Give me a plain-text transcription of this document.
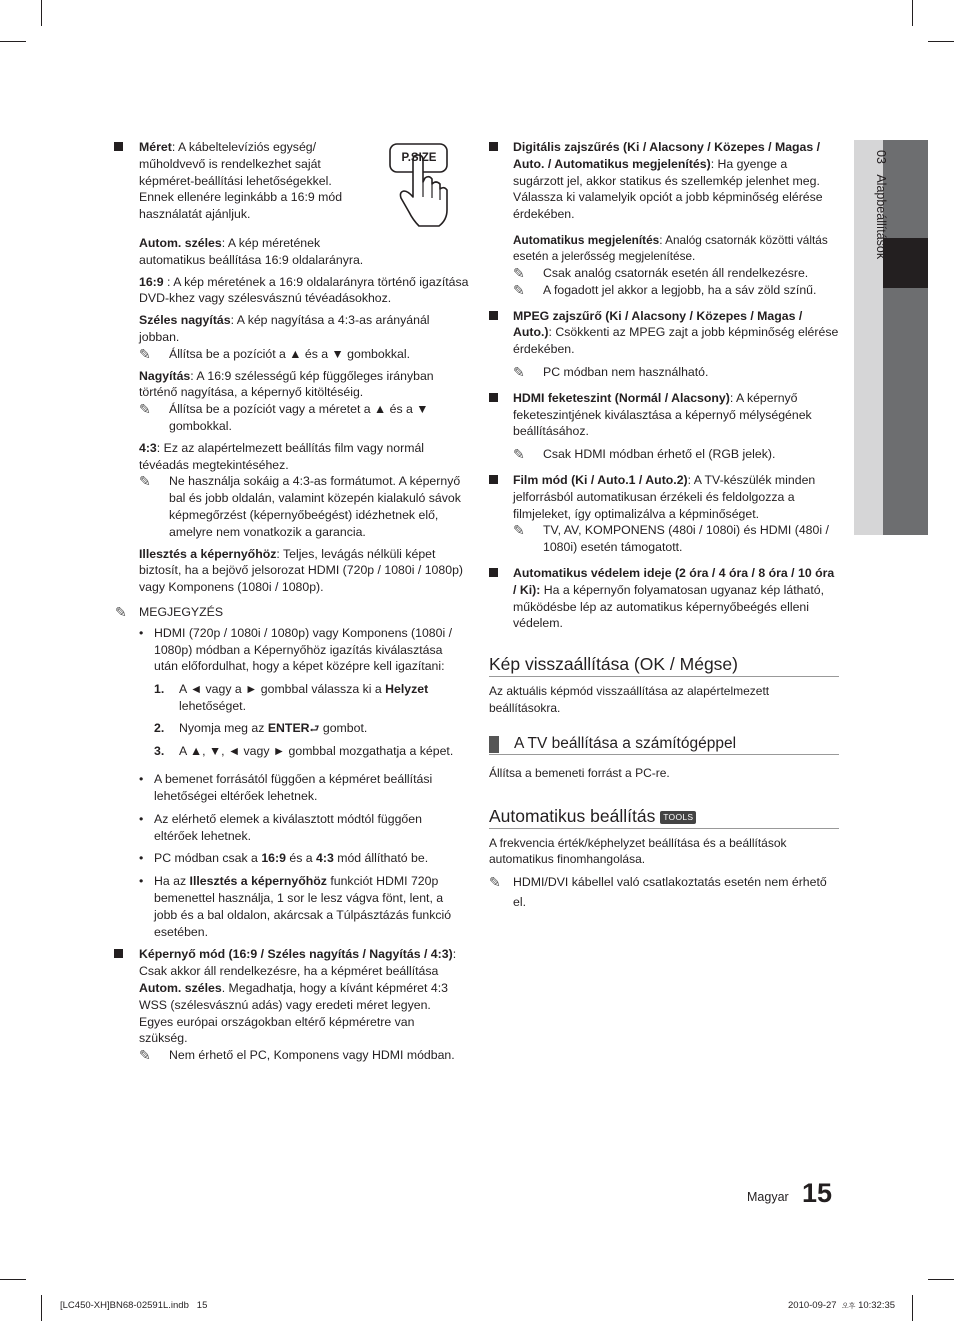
03   Alapbeállítások
P.SIZE

Méret: A kábeltelevíziós egység/ műholdvevő is rendelkezhet saját képméret-beállítási lehetőségekkel. Ennek ellenére leginkább a 16:9 mód használatát ajánljuk.

Autom. széles: A kép méretének automatikus beállítása 16:9 oldalarányra.

16:9 : A kép méretének a 16:9 oldalarányra történő igazítása DVD-khez vagy szélesvásznú tévéadásokhoz.

Széles nagyítás: A kép nagyítása a 4:3-as arányánál jobban.

✎ Állítsa be a pozíciót a ▲ és a ▼ gombokkal.

Nagyítás: A 16:9 szélességű kép függőleges irányban történő nagyítása, a képernyő kitöltéséig.

✎ Állítsa be a pozíciót vagy a méretet a ▲ és a ▼ gombokkal.

4:3: Ez az alapértelmezett beállítás film vagy normál tévéadás megtekintéséhez.

✎ Ne használja sokáig a 4:3-as formátumot. A képernyő bal és jobb oldalán, valamint közepén kialakuló sávok képmegőrzést (képernyőbeégést) idézhetnek elő, amelyre nem vonatkozik a garancia.

Illesztés a képernyőhöz: Teljes, levágás nélküli képet biztosít, ha a bejövő jelsorozat HDMI (720p / 1080i / 1080p) vagy Komponens (1080i / 1080p).

✎ MEGJEGYZÉS
• HDMI (720p / 1080i / 1080p) vagy Komponens (1080i / 1080p) módban a Képernyőhöz igazítás kiválasztása után előfordulhat, hogy a képet középre kell igazítani:
1. A ◄ vagy a ► gombbal válassza ki a Helyzet lehetőséget.
2. Nyomja meg az ENTER⮐ gombot.
3. A ▲, ▼, ◄ vagy ► gombbal mozgathatja a képet.
• A bemenet forrásától függően a képméret beállítási lehetőségei eltérőek lehetnek.
• Az elérhető elemek a kiválasztott módtól függően eltérőek lehetnek.
• PC módban csak a 16:9 és a 4:3 mód állítható be.
• Ha az Illesztés a képernyőhöz funkciót HDMI 720p bemenettel használja, 1 sor le lesz vágva fönt, lent, a jobb és a bal oldalon, akárcsak a Túlpásztázás funkció esetében.

Képernyő mód (16:9 / Széles nagyítás / Nagyítás / 4:3): Csak akkor áll rendelkezésre, ha a képméret beállítása Autom. széles. Megadhatja, hogy a kívánt képméret 4:3 WSS (szélesvásznú adás) vagy eredeti méret legyen. Egyes európai országokban eltérő képméretre van szükség.

✎ Nem érhető el PC, Komponens vagy HDMI módban.

Digitális zajszűrés (Ki / Alacsony / Közepes / Magas / Auto. / Automatikus megjelenítés): Ha gyenge a sugárzott jel, akkor statikus és szellemkép jelenhet meg. Válassza ki valamelyik opciót a jobb képminőség elérése érdekében.

Automatikus megjelenítés: Analóg csatornák közötti váltás esetén a jelerősség megjelenítése.

✎ Csak analóg csatornák esetén áll rendelkezésre.
✎ A fogadott jel akkor a legjobb, ha a sáv zöld színű.

MPEG zajszűrő (Ki / Alacsony / Közepes / Magas / Auto.): Csökkenti az MPEG zajt a jobb képminőség elérése érdekében.

✎ PC módban nem használható.

HDMI feketeszint (Normál / Alacsony): A képernyő feketeszintjének kiválasztása a képernyő mélységének beállításához.

✎ Csak HDMI módban érhető el (RGB jelek).

Film mód (Ki / Auto.1 / Auto.2): A TV-készülék minden jelforrásból automatikusan érzékeli és feldolgozza a filmjeleket, így optimalizálva a képminőséget.

✎ TV, AV, KOMPONENS (480i / 1080i) és HDMI (480i / 1080i) esetén támogatott.

Automatikus védelem ideje (2 óra / 4 óra / 8 óra / 10 óra / Ki): Ha a képernyőn folyamatosan ugyanaz kép látható, működésbe lép az automatikus képernyőbeégés elleni védelem.

Kép visszaállítása (OK / Mégse)

Az aktuális képmód visszaállítása az alapértelmezett beállításokra.

A TV beállítása a számítógéppel

Állítsa a bemeneti forrást a PC-re.

Automatikus beállítás TOOLS

A frekvencia érték/képhelyzet beállítása és a beállítások automatikus finomhangolása.

✎ HDMI/DVI kábellel való csatlakoztatás esetén nem érhető el.
Magyar 15
[LC450-XH]BN68-02591L.indb   15	2010-09-27 오후 10:32:35
